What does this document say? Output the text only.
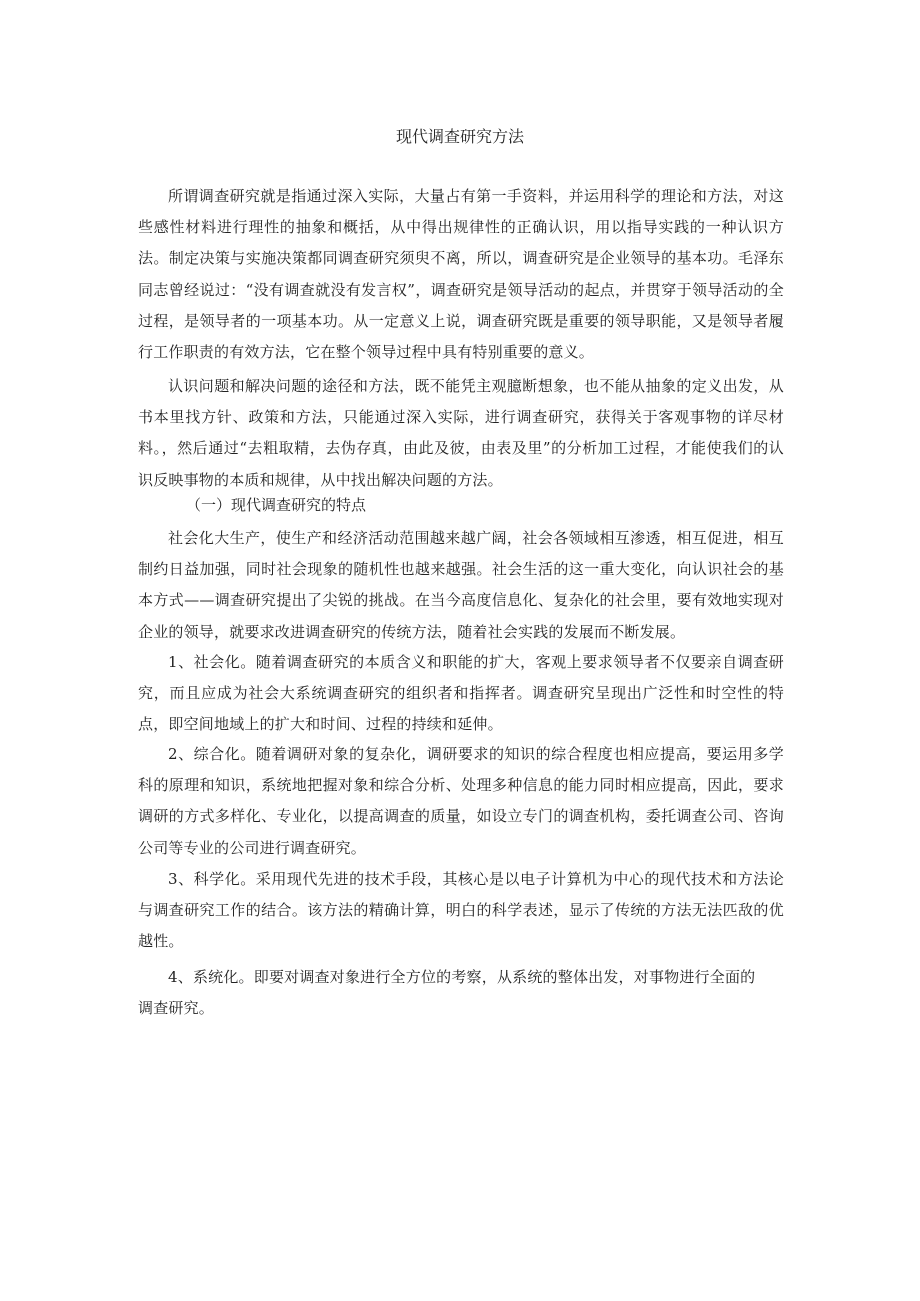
现代调查研究方法

所谓调查研究就是指通过深入实际，大量占有第一手资料，并运用科学的理论和方法，对这些感性材料进行理性的抽象和概括，从中得出规律性的正确认识，用以指导实践的一种认识方法。制定决策与实施决策都同调查研究须臾不离，所以，调查研究是企业领导的基本功。毛泽东同志曾经说过：“没有调查就没有发言权”，调查研究是领导活动的起点，并贯穿于领导活动的全过程，是领导者的一项基本功。从一定意义上说，调查研究既是重要的领导职能，又是领导者履行工作职责的有效方法，它在整个领导过程中具有特别重要的意义。

认识问题和解决问题的途径和方法，既不能凭主观臆断想象，也不能从抽象的定义出发，从书本里找方针、政策和方法，只能通过深入实际，进行调查研究，获得关于客观事物的详尽材料。，然后通过“去粗取精，去伪存真，由此及彼，由表及里”的分析加工过程，才能使我们的认识反映事物的本质和规律，从中找出解决问题的方法。

（一）现代调查研究的特点

社会化大生产，使生产和经济活动范围越来越广阔，社会各领域相互渗透，相互促进，相互制约日益加强，同时社会现象的随机性也越来越强。社会生活的这一重大变化，向认识社会的基本方式——调查研究提出了尖锐的挑战。在当今高度信息化、复杂化的社会里，要有效地实现对企业的领导，就要求改进调查研究的传统方法，随着社会实践的发展而不断发展。

1、社会化。随着调查研究的本质含义和职能的扩大，客观上要求领导者不仅要亲自调查研究，而且应成为社会大系统调查研究的组织者和指挥者。调查研究呈现出广泛性和时空性的特点，即空间地域上的扩大和时间、过程的持续和延伸。

2、综合化。随着调研对象的复杂化，调研要求的知识的综合程度也相应提高，要运用多学科的原理和知识，系统地把握对象和综合分析、处理多种信息的能力同时相应提高，因此，要求调研的方式多样化、专业化，以提高调查的质量，如设立专门的调查机构，委托调查公司、咨询公司等专业的公司进行调查研究。

3、科学化。采用现代先进的技术手段，其核心是以电子计算机为中心的现代技术和方法论与调查研究工作的结合。该方法的精确计算，明白的科学表述，显示了传统的方法无法匹敌的优越性。

4、系统化。即要对调查对象进行全方位的考察，从系统的整体出发，对事物进行全面的调查研究。
